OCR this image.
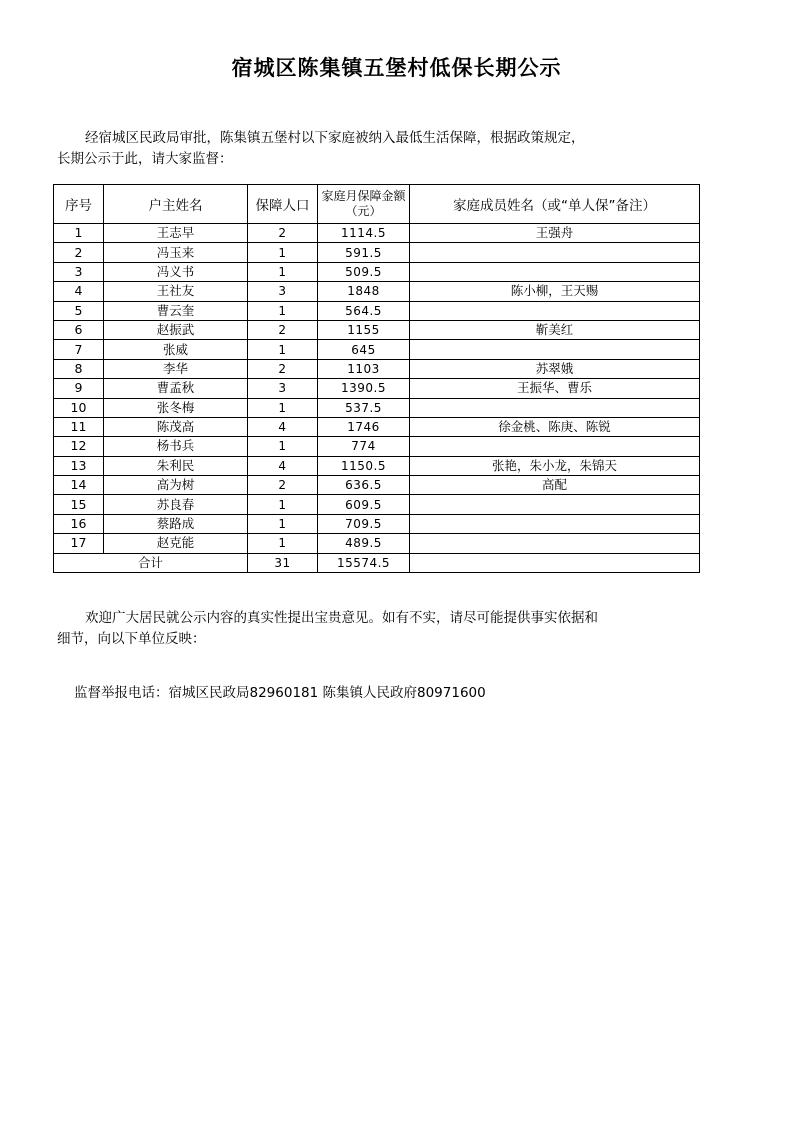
宿城区陈集镇五堡村低保长期公示
经宿城区民政局审批，陈集镇五堡村以下家庭被纳入最低生活保障，根据政策规定，
长期公示于此，请大家监督：
序号	户主姓名	保障人口	家庭月保障金额（元）	家庭成员姓名（或“单人保”备注）
1	王志早	2	1114.5	王强舟
2	冯玉来	1	591.5	
3	冯义书	1	509.5	
4	王社友	3	1848	陈小柳，王天赐
5	曹云奎	1	564.5	
6	赵振武	2	1155	靳美红
7	张威	1	645	
8	李华	2	1103	苏翠娥
9	曹孟秋	3	1390.5	王振华、曹乐
10	张冬梅	1	537.5	
11	陈茂高	4	1746	徐金桃、陈庚、陈锐
12	杨书兵	1	774	
13	朱利民	4	1150.5	张艳，朱小龙，朱锦天
14	高为树	2	636.5	高配
15	苏良春	1	609.5	
16	蔡路成	1	709.5	
17	赵克能	1	489.5	
合计		31	15574.5	
欢迎广大居民就公示内容的真实性提出宝贵意见。如有不实，请尽可能提供事实依据和
细节，向以下单位反映：
监督举报电话：宿城区民政局82960181 陈集镇人民政府80971600
